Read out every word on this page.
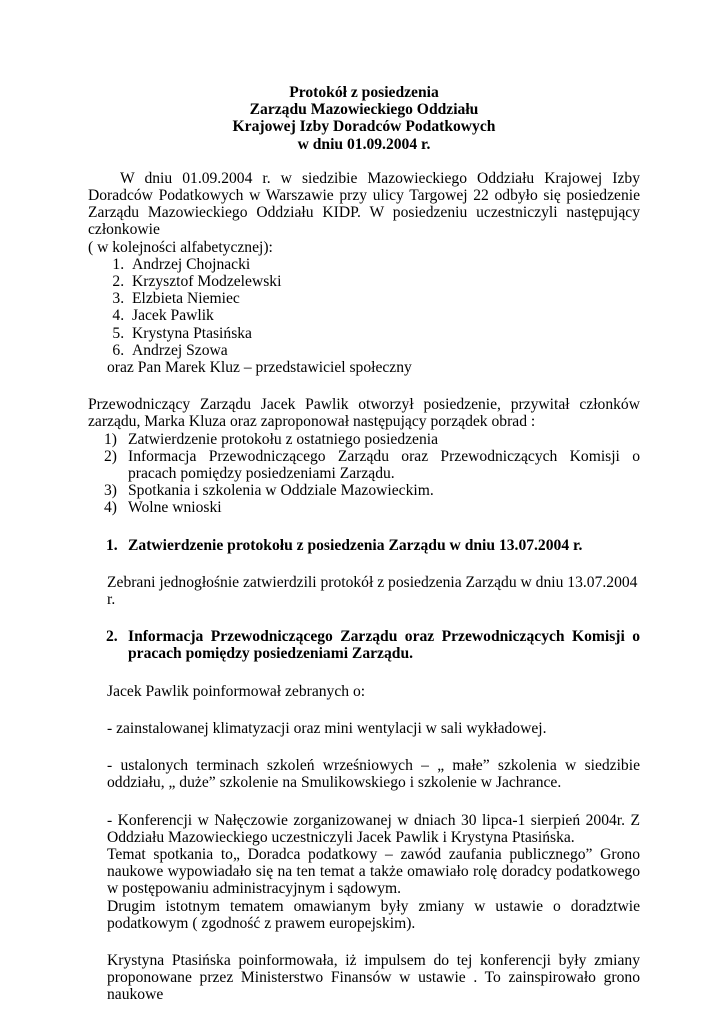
Protokół z posiedzenia
Zarządu Mazowieckiego Oddziału
Krajowej Izby Doradców Podatkowych
w dniu 01.09.2004 r.

W dniu 01.09.2004 r. w siedzibie Mazowieckiego Oddziału Krajowej Izby Doradców Podatkowych w Warszawie przy ulicy Targowej 22 odbyło się posiedzenie Zarządu Mazowieckiego Oddziału KIDP. W posiedzeniu uczestniczyli następujący członkowie

( w kolejności alfabetycznej):

1. Andrzej Chojnacki
2. Krzysztof Modzelewski
3. Elzbieta Niemiec
4. Jacek Pawlik
5. Krystyna Ptasińska
6. Andrzej Szowa

oraz Pan Marek Kluz – przedstawiciel społeczny

Przewodniczący Zarządu Jacek Pawlik otworzył posiedzenie, przywitał członków zarządu, Marka Kluza oraz zaproponował następujący porządek obrad :

1) Zatwierdzenie protokołu z ostatniego posiedzenia
2) Informacja Przewodniczącego Zarządu oraz Przewodniczących Komisji o pracach pomiędzy posiedzeniami Zarządu.
3) Spotkania i szkolenia w Oddziale Mazowieckim.
4) Wolne wnioski
1. Zatwierdzenie protokołu z posiedzenia Zarządu w dniu 13.07.2004 r.

Zebrani jednogłośnie zatwierdzili protokół z posiedzenia Zarządu w dniu 13.07.2004 r.

2. Informacja Przewodniczącego Zarządu oraz Przewodniczących Komisji o pracach pomiędzy posiedzeniami Zarządu.

Jacek Pawlik poinformował zebranych o:

- zainstalowanej klimatyzacji oraz mini wentylacji w sali wykładowej.

- ustalonych terminach szkoleń wrześniowych – „ małe” szkolenia w siedzibie oddziału, „ duże” szkolenie na Smulikowskiego i szkolenie w Jachrance.

- Konferencji w Nałęczowie zorganizowanej w dniach 30 lipca-1 sierpień 2004r. Z Oddziału Mazowieckiego uczestniczyli Jacek Pawlik i Krystyna Ptasińska.

Temat spotkania to„ Doradca podatkowy – zawód zaufania publicznego” Grono naukowe wypowiadało się na ten temat a także omawiało rolę doradcy podatkowego w postępowaniu administracyjnym i sądowym.

Drugim istotnym tematem omawianym były zmiany w ustawie o doradztwie podatkowym ( zgodność z prawem europejskim).

Krystyna Ptasińska poinformowała, iż impulsem do tej konferencji były zmiany proponowane przez Ministerstwo Finansów w ustawie . To zainspirowało grono naukowe
